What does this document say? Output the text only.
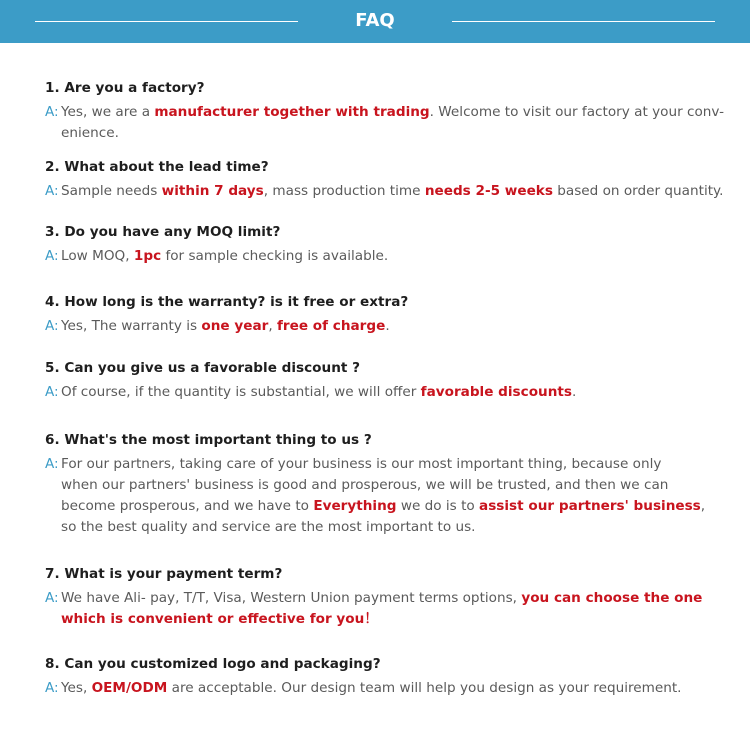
FAQ
1. Are you a factory?
A: Yes, we are a manufacturer together with trading. Welcome to visit our factory at your conv-
enience.
2. What about the lead time?
A: Sample needs within 7 days, mass production time needs 2-5 weeks based on order quantity.
3. Do you have any MOQ limit?
A: Low MOQ, 1pc for sample checking is available.
4. How long is the warranty? is it free or extra?
A: Yes, The warranty is one year, free of charge.
5. Can you give us a favorable discount ?
A: Of course, if the quantity is substantial, we will offer favorable discounts.
6. What's the most important thing to us ?
A: For our partners, taking care of your business is our most important thing, because only
when our partners' business is good and prosperous, we will be trusted, and then we can
become prosperous, and we have to Everything we do is to assist our partners' business,
so the best quality and service are the most important to us.
7. What is your payment term?
A: We have Ali- pay, T/T, Visa, Western Union payment terms options, you can choose the one
which is convenient or effective for you！
8. Can you customized logo and packaging?
A: Yes, OEM/ODM are acceptable. Our design team will help you design as your requirement.
